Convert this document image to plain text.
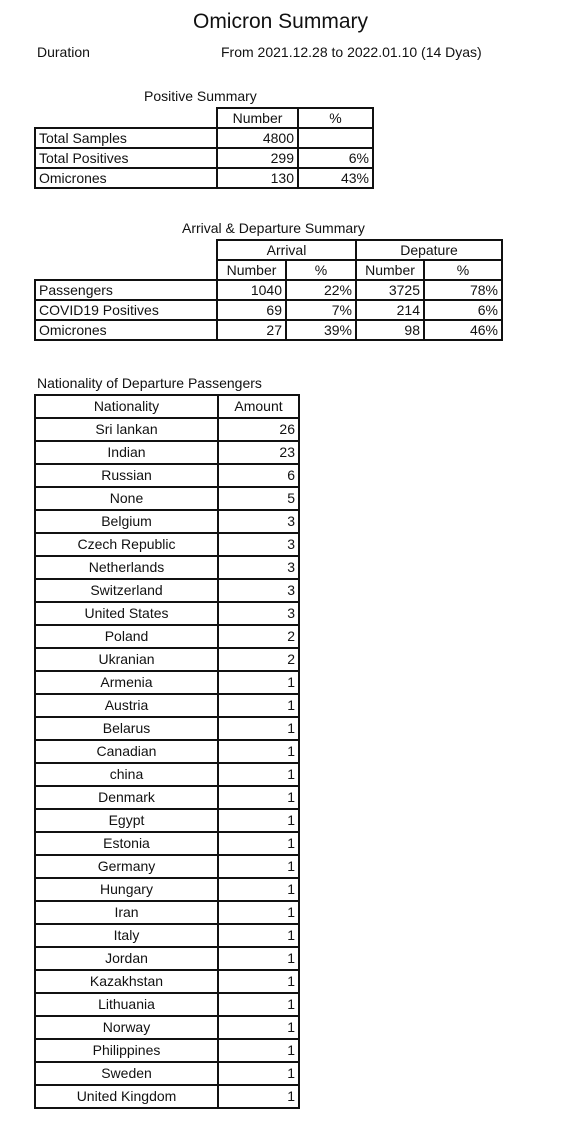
Omicron Summary
Duration	From 2021.12.28 to 2022.01.10 (14 Dyas)
Positive Summary
	Number	%
Total Samples	4800	
Total Positives	299	6%
Omicrones	130	43%
Arrival & Departure Summary
	Arrival		Depature	
	Number	%	Number	%
Passengers	1040	22%	3725	78%
COVID19 Positives	69	7%	214	6%
Omicrones	27	39%	98	46%
Nationality of Departure Passengers
Nationality	Amount
Sri lankan	26
Indian	23
Russian	6
None	5
Belgium	3
Czech Republic	3
Netherlands	3
Switzerland	3
United States	3
Poland	2
Ukranian	2
Armenia	1
Austria	1
Belarus	1
Canadian	1
china	1
Denmark	1
Egypt	1
Estonia	1
Germany	1
Hungary	1
Iran	1
Italy	1
Jordan	1
Kazakhstan	1
Lithuania	1
Norway	1
Philippines	1
Sweden	1
United Kingdom	1
